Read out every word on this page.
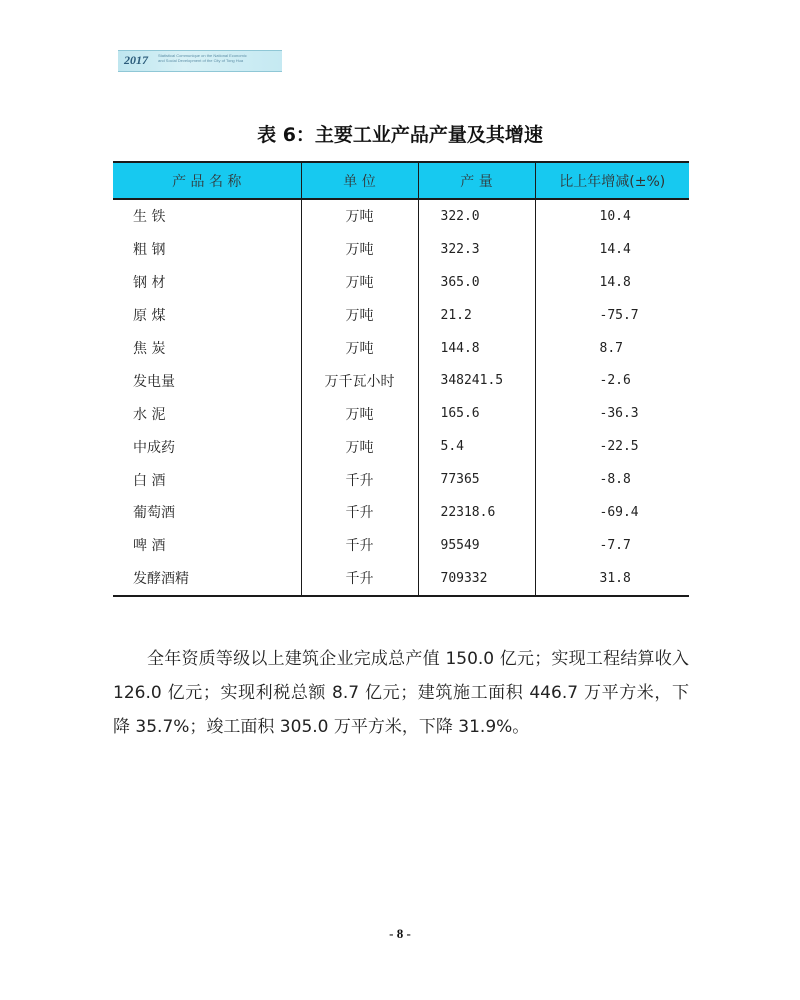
2017	Statistical Communique on the National Economic
and Social Development of the City of Tong Hua
表 6：主要工业产品产量及其增速
产 品 名 称	单 位	产 量	比上年增减(±%)
生 铁	万吨	322.0	10.4
粗 钢	万吨	322.3	14.4
钢 材	万吨	365.0	14.8
原 煤	万吨	21.2	-75.7
焦 炭	万吨	144.8	8.7
发电量	万千瓦小时	348241.5	-2.6
水 泥	万吨	165.6	-36.3
中成药	万吨	5.4	-22.5
白 酒	千升	77365	-8.8
葡萄酒	千升	22318.6	-69.4
啤 酒	千升	95549	-7.7
发酵酒精	千升	709332	31.8

全年资质等级以上建筑企业完成总产值 150.0 亿元；实现工程结算收入 126.0 亿元；实现利税总额 8.7 亿元；建筑施工面积 446.7 万平方米，下降 35.7%；竣工面积 305.0 万平方米，下降 31.9%。

- 8 -
